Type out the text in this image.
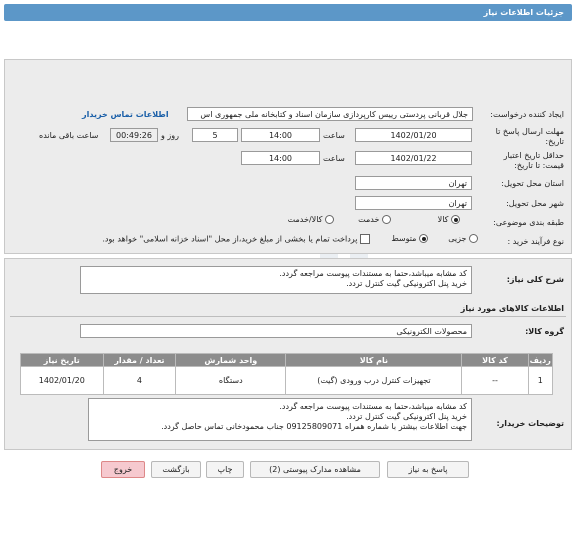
جزئیات اطلاعات نیاز
ایجاد کننده درخواست:
جلال قربانی پردستی رییس کارپردازی سازمان اسناد و کتابخانه ملی جمهوری اس
اطلاعات تماس خریدار
مهلت ارسال پاسخ تا تاریخ:
1402/01/20
ساعت
14:00
5
روز و
00:49:26
ساعت باقی مانده
حداقل تاریخ اعتبار قیمت: تا تاریخ:
1402/01/22
ساعت
14:00
استان محل تحویل:
تهران
شهر محل تحویل:
تهران
طبقه بندی موضوعی:
کالا
خدمت
کالا/خدمت
نوع فرآیند خرید :
جزیی
متوسط
پرداخت تمام یا بخشی از مبلغ خرید،از محل "اسناد خزانه اسلامی" خواهد بود.
شرح کلی نیاز:
کد مشابه میباشد،حتما به مستندات پیوست مراجعه گردد.
خرید پنل اکترونیکی گیت کنترل تردد.
اطلاعات کالاهای مورد نیاز
گروه کالا:
محصولات الکترونیکی
ردیف	کد کالا	نام کالا	واحد شمارش	تعداد / مقدار	تاریخ نیاز
1	--	تجهیزات کنترل درب ورودی (گیت)	دستگاه	4	1402/01/20
توضیحات خریدار:
کد مشابه میباشد،حتما به مستندات پیوست مراجعه گردد.
خرید پنل اکترونیکی گیت کنترل تردد.
جهت اطلاعات بیشتر با شماره همراه 09125809071 جناب محمودخانی تماس حاصل گردد.
پاسخ به نیاز
مشاهده مدارک پیوستی (2)
چاپ
بازگشت
خروج
